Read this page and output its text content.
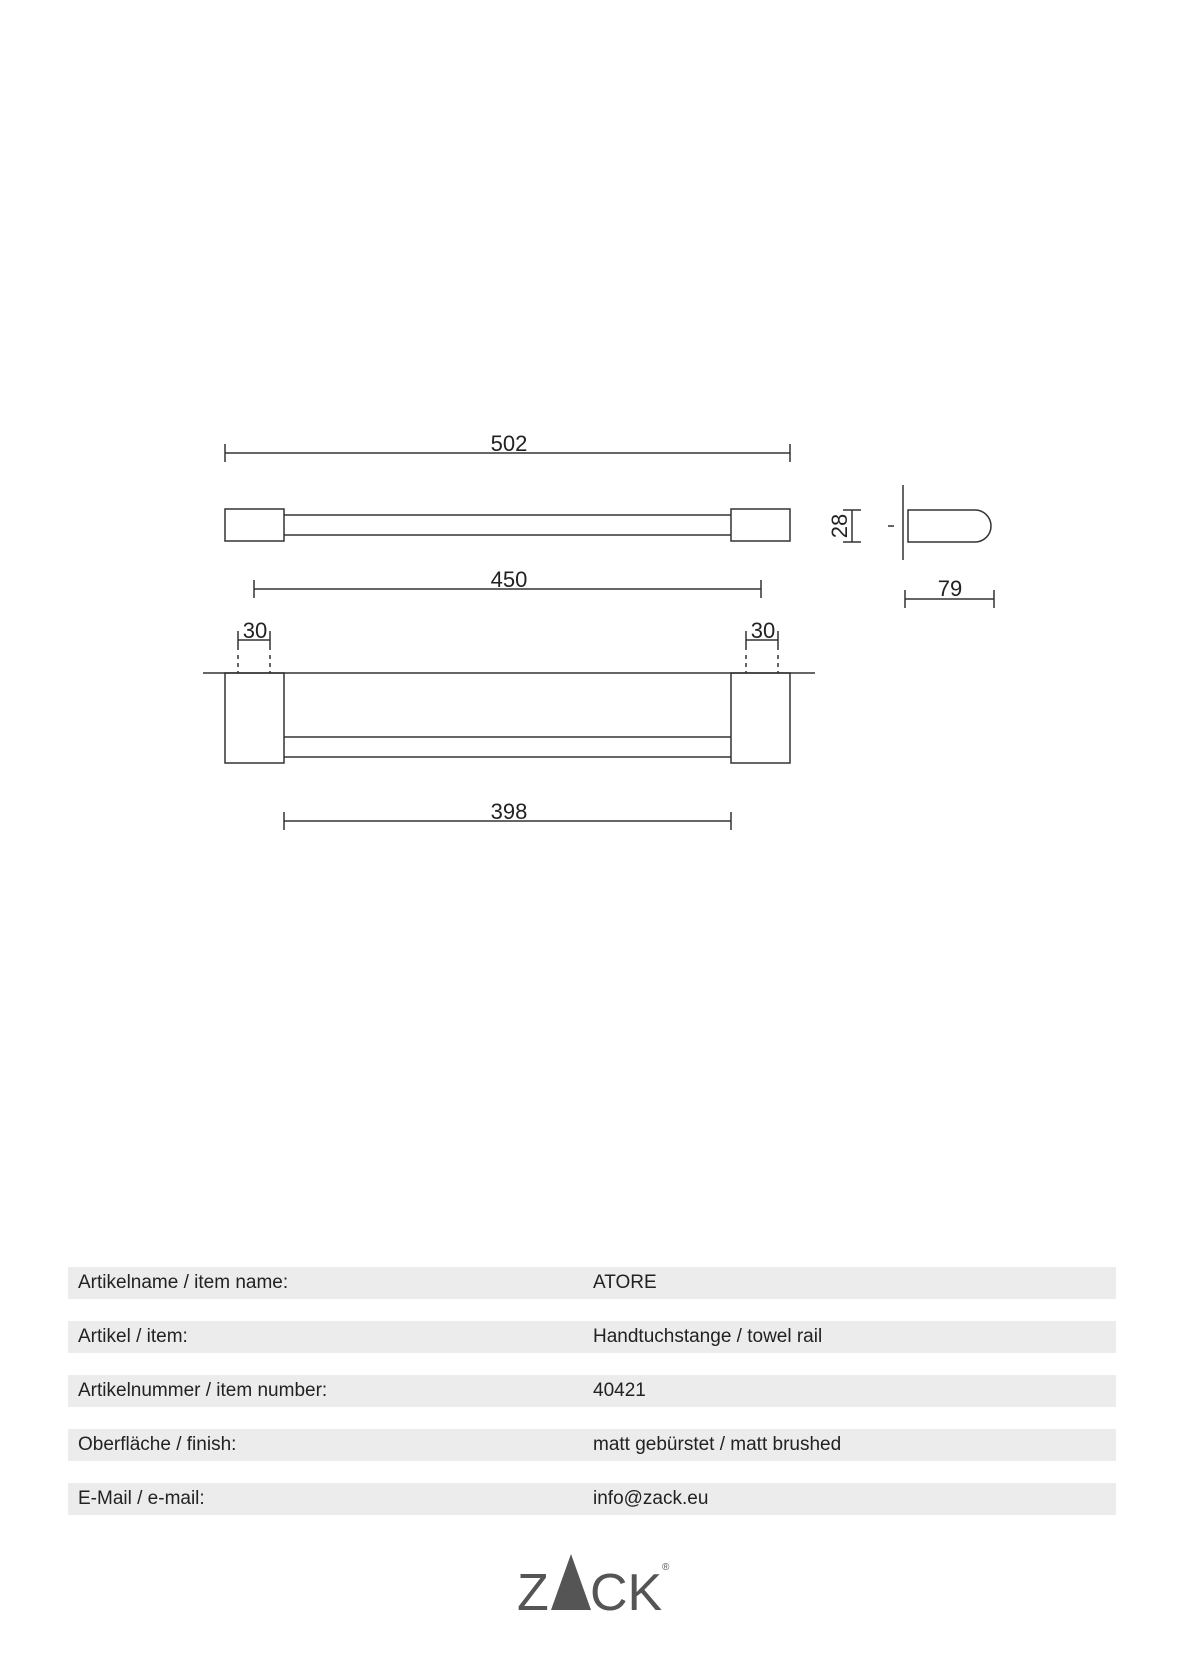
502
450
30	30
398
28
79
Artikelname / item name:	ATORE
Artikel / item:	Handtuchstange / towel rail
Artikelnummer / item number:	40421
Oberfläche / finish:	matt gebürstet / matt brushed
E-Mail / e-mail:	info@zack.eu
Z CK ®
